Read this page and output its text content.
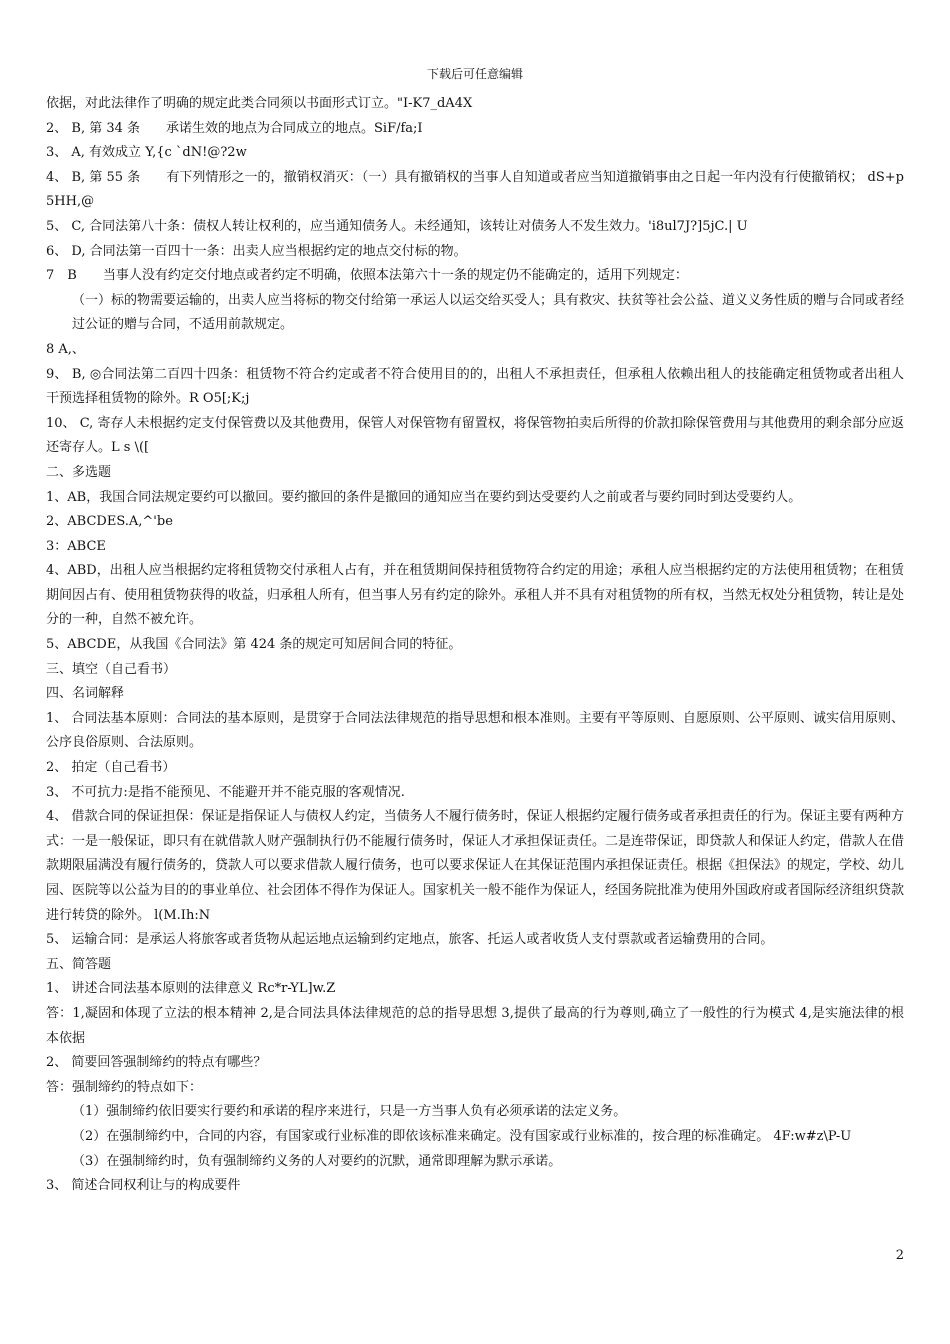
下载后可任意编辑

依据，对此法律作了明确的规定此类合同须以书面形式订立。"I-K7_dA4X

2、 B, 第 34 条　　承诺生效的地点为合同成立的地点。SiF/fa;I

3、 A, 有效成立 Y,{c `dN!@?2w

4、 B, 第 55 条　　有下列情形之一的，撤销权消灭：（一）具有撤销权的当事人自知道或者应当知道撤销事由之日起一年内没有行使撤销权； dS+p5HH,@

5、 C, 合同法第八十条：债权人转让权利的，应当通知债务人。未经通知，该转让对债务人不发生效力。'i8ul7J?]5jC.| U

6、 D, 合同法第一百四十一条：出卖人应当根据约定的地点交付标的物。

7　B　　当事人没有约定交付地点或者约定不明确，依照本法第六十一条的规定仍不能确定的，适用下列规定：

（一）标的物需要运输的，出卖人应当将标的物交付给第一承运人以运交给买受人；具有救灾、扶贫等社会公益、道义义务性质的赠与合同或者经过公证的赠与合同，不适用前款规定。

8 A,、

9、 B, ◎合同法第二百四十四条：租赁物不符合约定或者不符合使用目的的，出租人不承担责任，但承租人依赖出租人的技能确定租赁物或者出租人干预选择租赁物的除外。R O5[;K;j

10、 C, 寄存人未根据约定支付保管费以及其他费用，保管人对保管物有留置权，将保管物拍卖后所得的价款扣除保管费用与其他费用的剩余部分应返还寄存人。L s \([

二、多选题

1、AB，我国合同法规定要约可以撤回。要约撤回的条件是撤回的通知应当在要约到达受要约人之前或者与要约同时到达受要约人。

2、ABCDES.A,^'be

3：ABCE

4、ABD，出租人应当根据约定将租赁物交付承租人占有，并在租赁期间保持租赁物符合约定的用途；承租人应当根据约定的方法使用租赁物；在租赁期间因占有、使用租赁物获得的收益，归承租人所有，但当事人另有约定的除外。承租人并不具有对租赁物的所有权，当然无权处分租赁物，转让是处分的一种，自然不被允许。

5、ABCDE，从我国《合同法》第 424 条的规定可知居间合同的特征。

三、填空（自己看书）

四、名词解释

1、 合同法基本原则：合同法的基本原则，是贯穿于合同法法律规范的指导思想和根本准则。主要有平等原则、自愿原则、公平原则、诚实信用原则、公序良俗原则、合法原则。

2、 拍定（自己看书）

3、 不可抗力:是指不能预见、不能避开并不能克服的客观情况.

4、 借款合同的保证担保：保证是指保证人与债权人约定，当债务人不履行债务时，保证人根据约定履行债务或者承担责任的行为。保证主要有两种方式：一是一般保证，即只有在就借款人财产强制执行仍不能履行债务时，保证人才承担保证责任。二是连带保证，即贷款人和保证人约定，借款人在借款期限届满没有履行债务的，贷款人可以要求借款人履行债务，也可以要求保证人在其保证范围内承担保证责任。根据《担保法》的规定，学校、幼儿园、医院等以公益为目的的事业单位、社会团体不得作为保证人。国家机关一般不能作为保证人，经国务院批准为使用外国政府或者国际经济组织贷款进行转贷的除外。 l(M.Ih:N

5、 运输合同：是承运人将旅客或者货物从起运地点运输到约定地点，旅客、托运人或者收货人支付票款或者运输费用的合同。

五、简答题

1、 讲述合同法基本原则的法律意义 Rc*r-YL]w.Z

答：1,凝固和体现了立法的根本精神 2,是合同法具体法律规范的总的指导思想 3,提供了最高的行为尊则,确立了一般性的行为模式 4,是实施法律的根本依据

2、 简要回答强制缔约的特点有哪些？

答：强制缔约的特点如下：

（1）强制缔约依旧要实行要约和承诺的程序来进行，只是一方当事人负有必须承诺的法定义务。

（2）在强制缔约中，合同的内容，有国家或行业标准的即依该标准来确定。没有国家或行业标准的，按合理的标准确定。 4F:w#z\P-U

（3）在强制缔约时，负有强制缔约义务的人对要约的沉默，通常即理解为默示承诺。

3、 简述合同权利让与的构成要件

2
